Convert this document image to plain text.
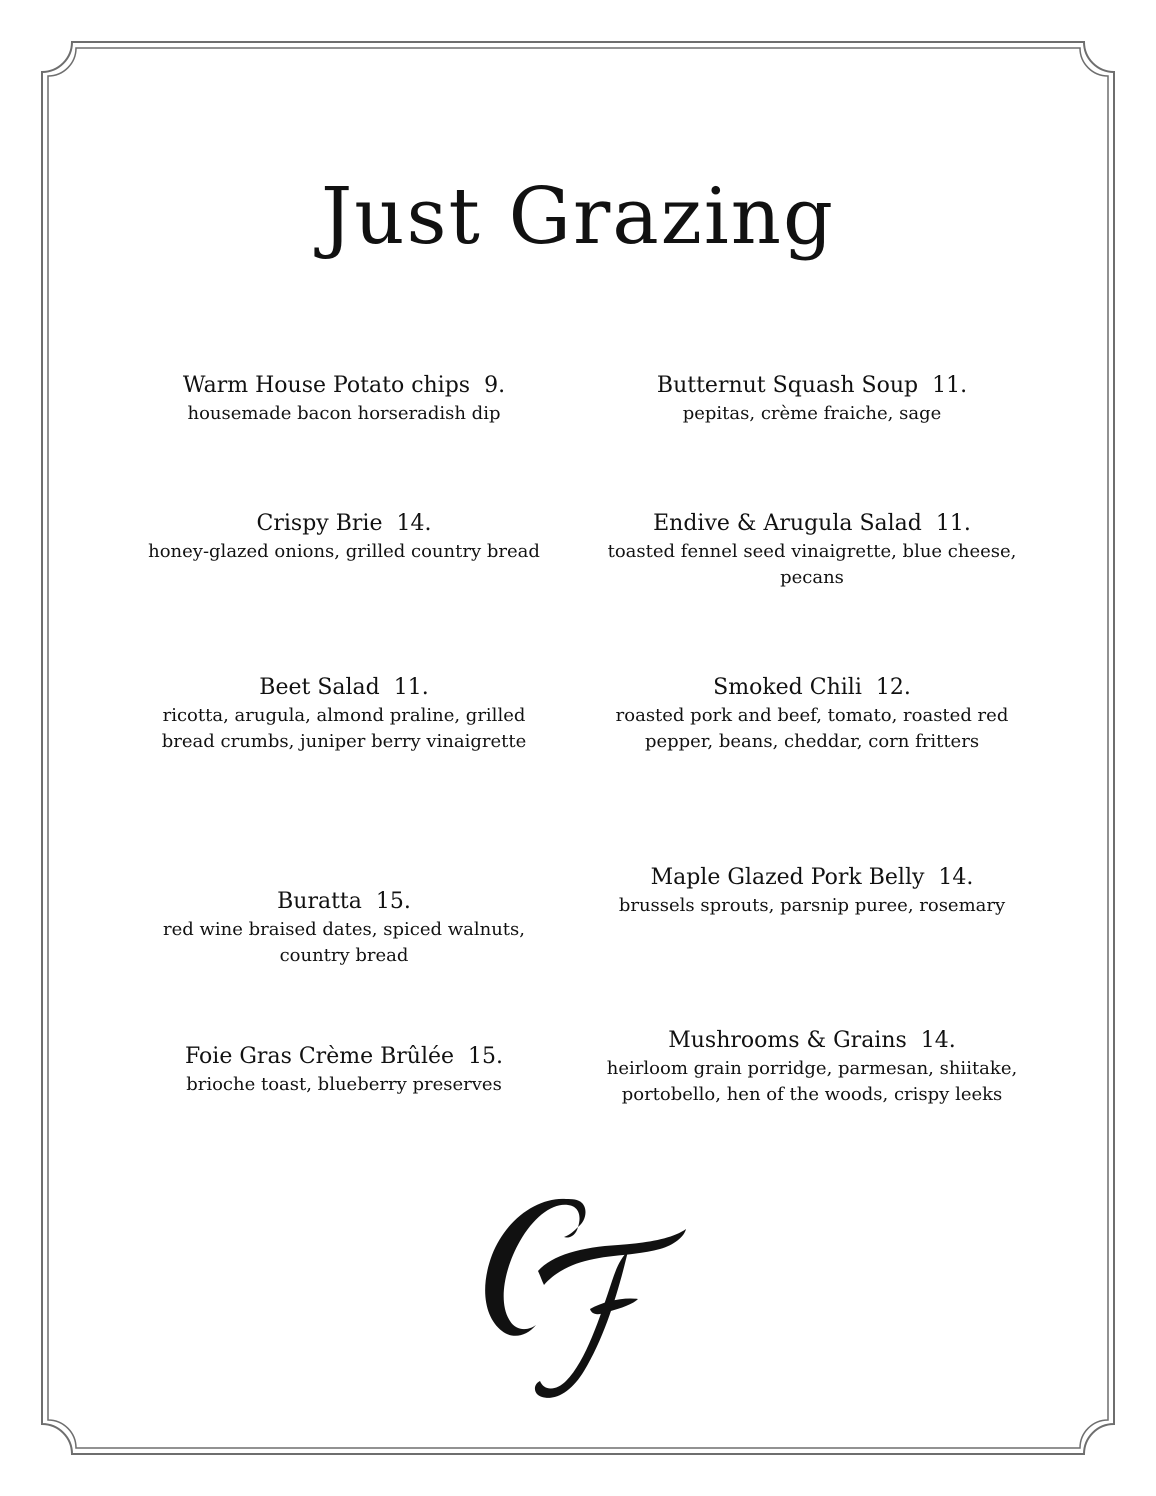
Just Grazing
Warm House Potato chips  9.
housemade bacon horseradish dip
Crispy Brie  14.
honey-glazed onions, grilled country bread
Beet Salad  11.
ricotta, arugula, almond praline, grilled bread crumbs, juniper berry vinaigrette
Buratta  15.
red wine braised dates, spiced walnuts, country bread
Foie Gras Crème Brûlée  15.
brioche toast, blueberry preserves
Butternut Squash Soup  11.
pepitas, crème fraiche, sage
Endive & Arugula Salad  11.
toasted fennel seed vinaigrette, blue cheese, pecans
Smoked Chili  12.
roasted pork and beef, tomato, roasted red pepper, beans, cheddar, corn fritters
Maple Glazed Pork Belly  14.
brussels sprouts, parsnip puree, rosemary
Mushrooms & Grains  14.
heirloom grain porridge, parmesan, shiitake, portobello, hen of the woods, crispy leeks
